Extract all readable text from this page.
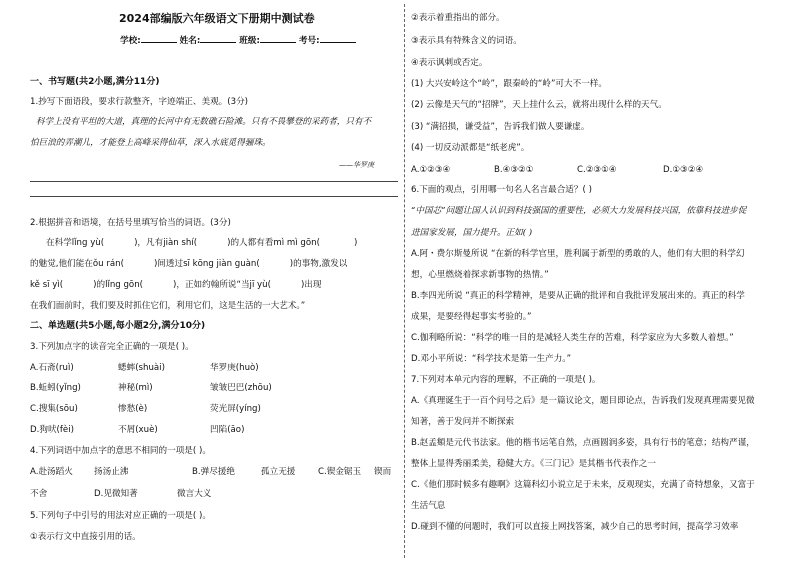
2024部编版六年级语文下册期中测试卷
学校:	姓名:	班级:	考号:
一、书写题(共2小题,满分11分)
1.抄写下面语段，要求行款整齐，字迹端正、美观。(3分)
科学上没有平坦的大道，真理的长河中有无数礁石险滩。只有不畏攀登的采药者，只有不
怕巨浪的弄潮儿，才能登上高峰采得仙草，深入水底觅得骊珠。
——华罗庚
2.根据拼音和语境，在括号里填写恰当的词语。(3分)
在科学lǐng yù(	)，凡有jiàn shí(	)的人都有看mì mì gōn(	)
的魅觉,他们能在ǒu rán(	)间透过sī kōng jiàn guàn(	)的事物,激发以
kě sī yì(	)的lǐng gōn(	)，正如约翰所说“当jī yù(	)出现
在我们面前时，我们要及时抓住它们，利用它们，这是生活的一大艺术。”
二、单选题(共5小题,每小题2分,满分10分)
3.下列加点字的读音完全正确的一项是( )。
A.石斋(ruì)	蟋蟀(shuài)	华罗庚(huò)
B.蚯蚓(yǐng)	神秘(mì)	皱皱巴巴(zhōu)
C.搜集(sōu)	惨愁(è)	荧光屏(yíng)
D.狗吠(fèi)	不屑(xuè)	凹陷(āo)
4.下列词语中加点字的意思不相同的一项是( )。
A.赴汤蹈火 扬汤止沸	B.弹尽援绝	孤立无援	C.锲金锯玉 锲而
不舍	D.见微知著	微言大义
5.下列句子中引号的用法对应正确的一项是( )。
①表示行文中直接引用的话。
②表示着重指出的部分。
③表示具有特殊含义的词语。
④表示讽刺或否定。
(1) 大兴安岭这个“岭”，跟秦岭的“岭”可大不一样。
(2) 云像是天气的“招牌”，天上挂什么云，就将出现什么样的天气。
(3) “满招损，谦受益”，告诉我们做人要谦虚。
(4) 一切反动派都是“纸老虎”。
A.①②③④	B.④③②①	C.②③①④	D.①③②④
6.下面的观点，引用哪一句名人名言最合适？( )
“中国芯”问题让国人认识到科技强国的重要性，必须大力发展科技兴国，依靠科技进步促
进国家发展，国力提升。正如( )
A.阿・费尔斯曼所说 “在新的科学官里，胜利属于新型的勇敢的人，他们有大胆的科学幻
想，心里燃烧着探求新事物的热情。”
B.李四光所说 “真正的科学精神，是要从正确的批评和自我批评发展出来的。真正的科学
成果，是要经得起事实考验的。”
C.伽利略所说：“科学的唯一目的是减轻人类生存的苦难，科学家应为大多数人着想。”
D.邓小平所说：“科学技术是第一生产力。”
7.下列对本单元内容的理解，不正确的一项是( )。
A.《真理诞生于一百个问号之后》是一篇议论文，题目即论点，告诉我们发现真理需要见微
知著，善于发问并不断探索
B.赵孟頫是元代书法家。他的楷书运笔自然，点画圆润多姿，具有行书的笔意；结构严谨，
整体上显得秀丽柔美，稳健大方。《三门记》是其楷书代表作之一
C.《他们那时候多有趣啊》这篇科幻小说立足于未来，反观现实，充满了奇特想象，又富于
生活气息
D.碰到不懂的问题时，我们可以直接上网找答案，减少自己的思考时间，提高学习效率
